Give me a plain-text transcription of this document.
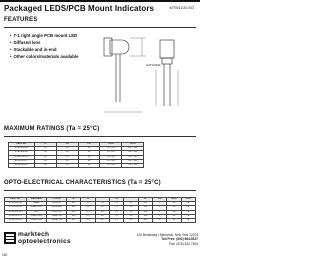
Packaged LEDS/PCB Mount Indicators	MTB4100-SO
FEATURES
• T-1 right angle PCB mount LED
• Diffused lens
• Stackable and in-end
• Other colors/materials available
CATHODE
MAXIMUM RATINGS (Ta = 25°C)
PART NO.	IF	VR	PD	TOPR	TSTG
MTB4100-RO	30	5.0	80	-25~+85	-40~+100
MTB4100-HO	30	5.0	80	-25~+85	-40~+100
MTB4100-GO	30	5.0	80	-25~+85	-40~+100
MTB4100-YO	30	5.0	80	-25~+85	-40~+100
MTB4100-SO	30	5.0	80	-25~+85	-40~+100
OPTO-ELECTRICAL CHARACTERISTICS (Ta = 25°C)
PART NO.	MATERIAL	COLOR	λP	IV		VF		IR	VR	2θ1/2	PKG
MTB4100-RO	GaAsP	Red Diff	697	1.0	2.0	2.1	2.8	100	5	90	A
MTB4100-HO	GaAsP/GaP	Hi-Eff Red	635	4.0	8.0	2.1	2.8	100	5	90	A
MTB4100-GO	GaP	Green Diff	565	4.0	8.0	2.1	2.8	100	5	90	A
MTB4100-YO	GaAsP/GaP	Yellow Diff	585	4.0	8.0	2.1	2.8	100	5	90	A
MTB4100-SO	GaAsP/GaP	Orange Diff	610	4.0	8.0	2.1	2.8	100	5	90	A
marktech
optoelectronics
120 Broadway • Menands, New York 12204
Toll Free: (800) 984-5337
Fax: (518) 432-7454
160
